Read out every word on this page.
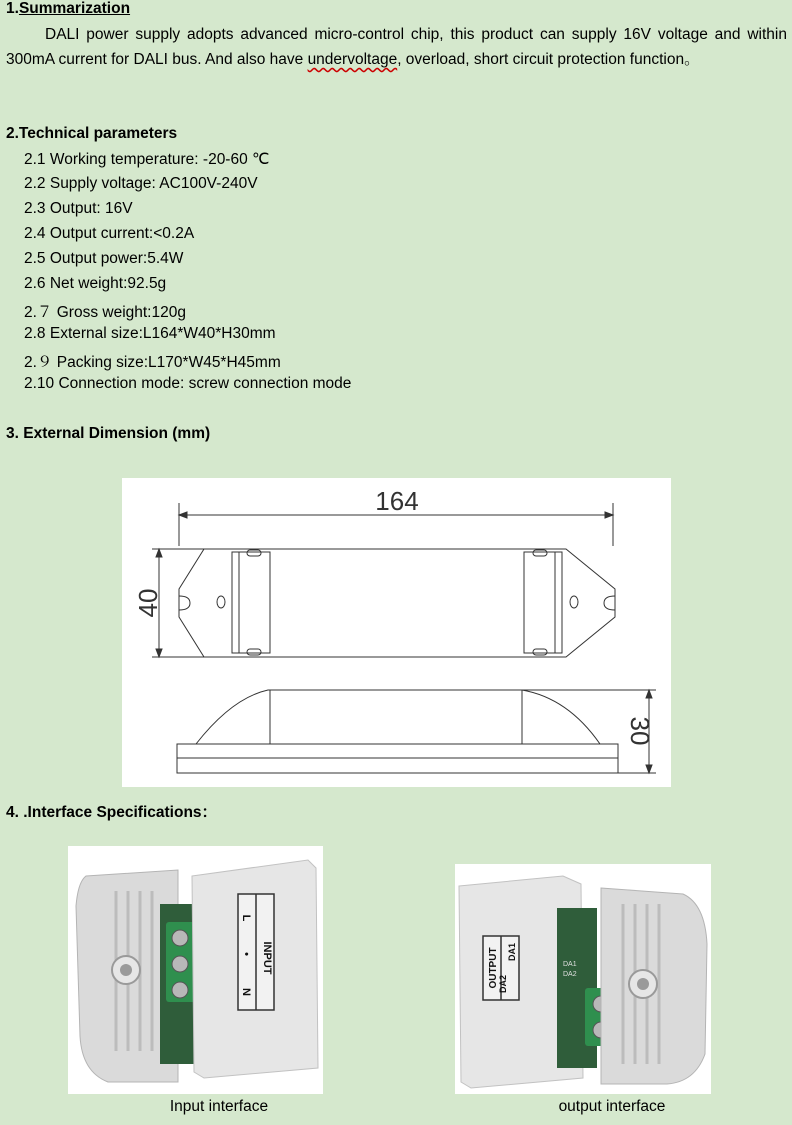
1.Summarization
DALI power supply adopts advanced micro-control chip, this product can supply 16V voltage and within 300mA current for DALI bus. And also have undervoltage, overload, short circuit protection function。
2.Technical parameters
2.1 Working temperature: -20-60 ℃
2.2 Supply voltage: AC100V-240V
2.3 Output: 16V
2.4 Output current:<0.2A
2.5 Output power:5.4W
2.6 Net weight:92.5g
2.７ Gross weight:120g
2.8 External size:L164*W40*H30mm
2.９ Packing size:L170*W45*H45mm
2.10 Connection mode: screw connection mode
3. External Dimension (mm)
164
40
30
4. .Interface Specifications：
INPUT
L
•
N
Input interface
OUTPUT DA2
DA1
DA1
DA2
output interface
